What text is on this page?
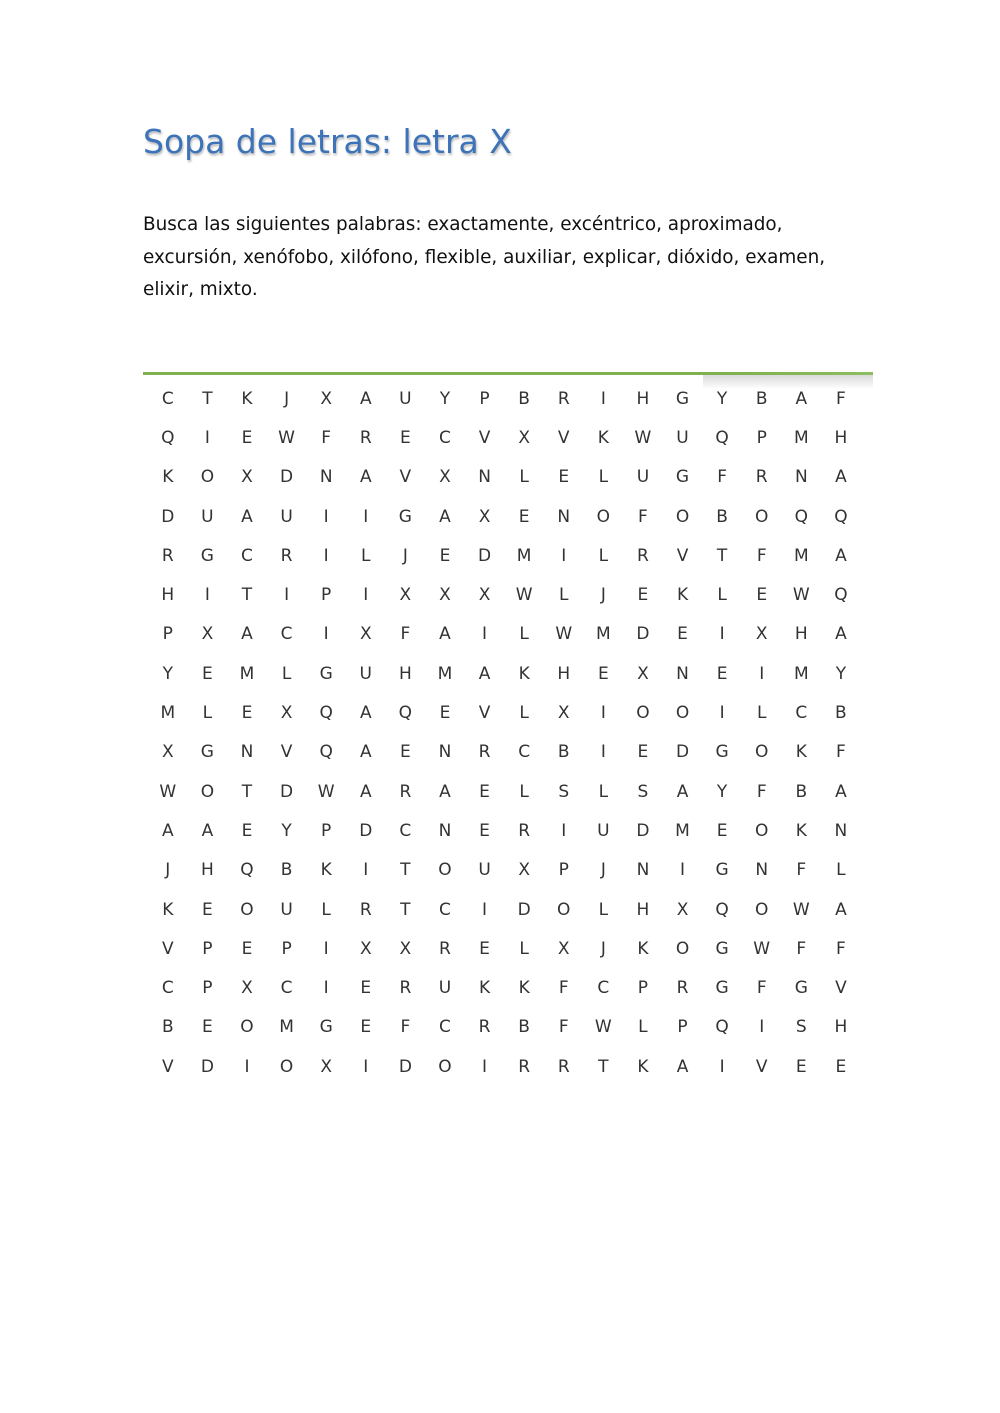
Sopa de letras: letra X

Busca las siguientes palabras: exactamente, excéntrico, aproximado, excursión, xenófobo, xilófono, flexible, auxiliar, explicar, dióxido, examen, elixir, mixto.

C	T	K	J	X	A	U	Y	P	B	R	I	H	G	Y	B	A	F
Q	I	E	W	F	R	E	C	V	X	V	K	W	U	Q	P	M	H
K	O	X	D	N	A	V	X	N	L	E	L	U	G	F	R	N	A
D	U	A	U	I	I	G	A	X	E	N	O	F	O	B	O	Q	Q
R	G	C	R	I	L	J	E	D	M	I	L	R	V	T	F	M	A
H	I	T	I	P	I	X	X	X	W	L	J	E	K	L	E	W	Q
P	X	A	C	I	X	F	A	I	L	W	M	D	E	I	X	H	A
Y	E	M	L	G	U	H	M	A	K	H	E	X	N	E	I	M	Y
M	L	E	X	Q	A	Q	E	V	L	X	I	O	O	I	L	C	B
X	G	N	V	Q	A	E	N	R	C	B	I	E	D	G	O	K	F
W	O	T	D	W	A	R	A	E	L	S	L	S	A	Y	F	B	A
A	A	E	Y	P	D	C	N	E	R	I	U	D	M	E	O	K	N
J	H	Q	B	K	I	T	O	U	X	P	J	N	I	G	N	F	L
K	E	O	U	L	R	T	C	I	D	O	L	H	X	Q	O	W	A
V	P	E	P	I	X	X	R	E	L	X	J	K	O	G	W	F	F
C	P	X	C	I	E	R	U	K	K	F	C	P	R	G	F	G	V
B	E	O	M	G	E	F	C	R	B	F	W	L	P	Q	I	S	H
V	D	I	O	X	I	D	O	I	R	R	T	K	A	I	V	E	E
